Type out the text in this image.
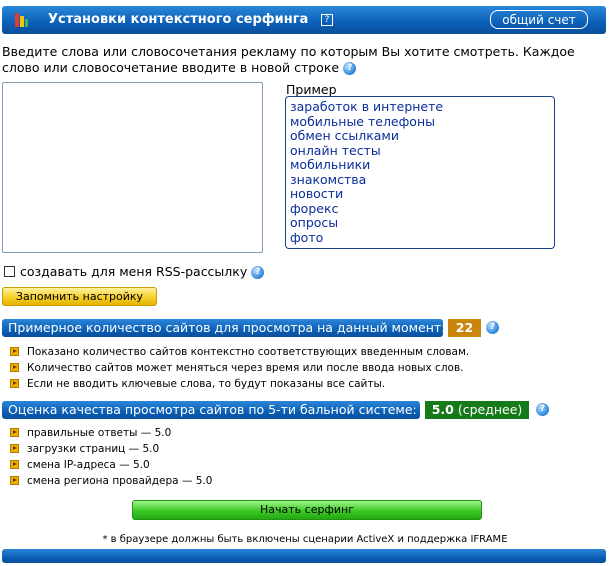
Установки контекстного серфинга	?	общий счет
Введите слова или словосочетания рекламу по которым Вы хотите смотреть. Каждое слово или словосочетание вводите в новой строке ?
Пример
заработок в интернете
мобильные телефоны
обмен ссылками
онлайн тесты
мобильники
знакомства
новости
форекс
опросы
фото
создавать для меня RSS-рассылку ?
Запомнить настройку
Примерное количество сайтов для просмотра на данный момент: 22	?
Показано количество сайтов контекстно соответствующих введенным словам.
Количество сайтов может меняться через время или после ввода новых слов.
Если не вводить ключевые слова, то будут показаны все сайты.
Оценка качества просмотра сайтов по 5-ти бальной системе:	5.0 (среднее)	?
правильные ответы — 5.0
загрузки страниц — 5.0
смена IP-адреса — 5.0
смена региона провайдера — 5.0
Начать серфинг
* в браузере должны быть включены сценарии ActiveX и поддержка IFRAME
